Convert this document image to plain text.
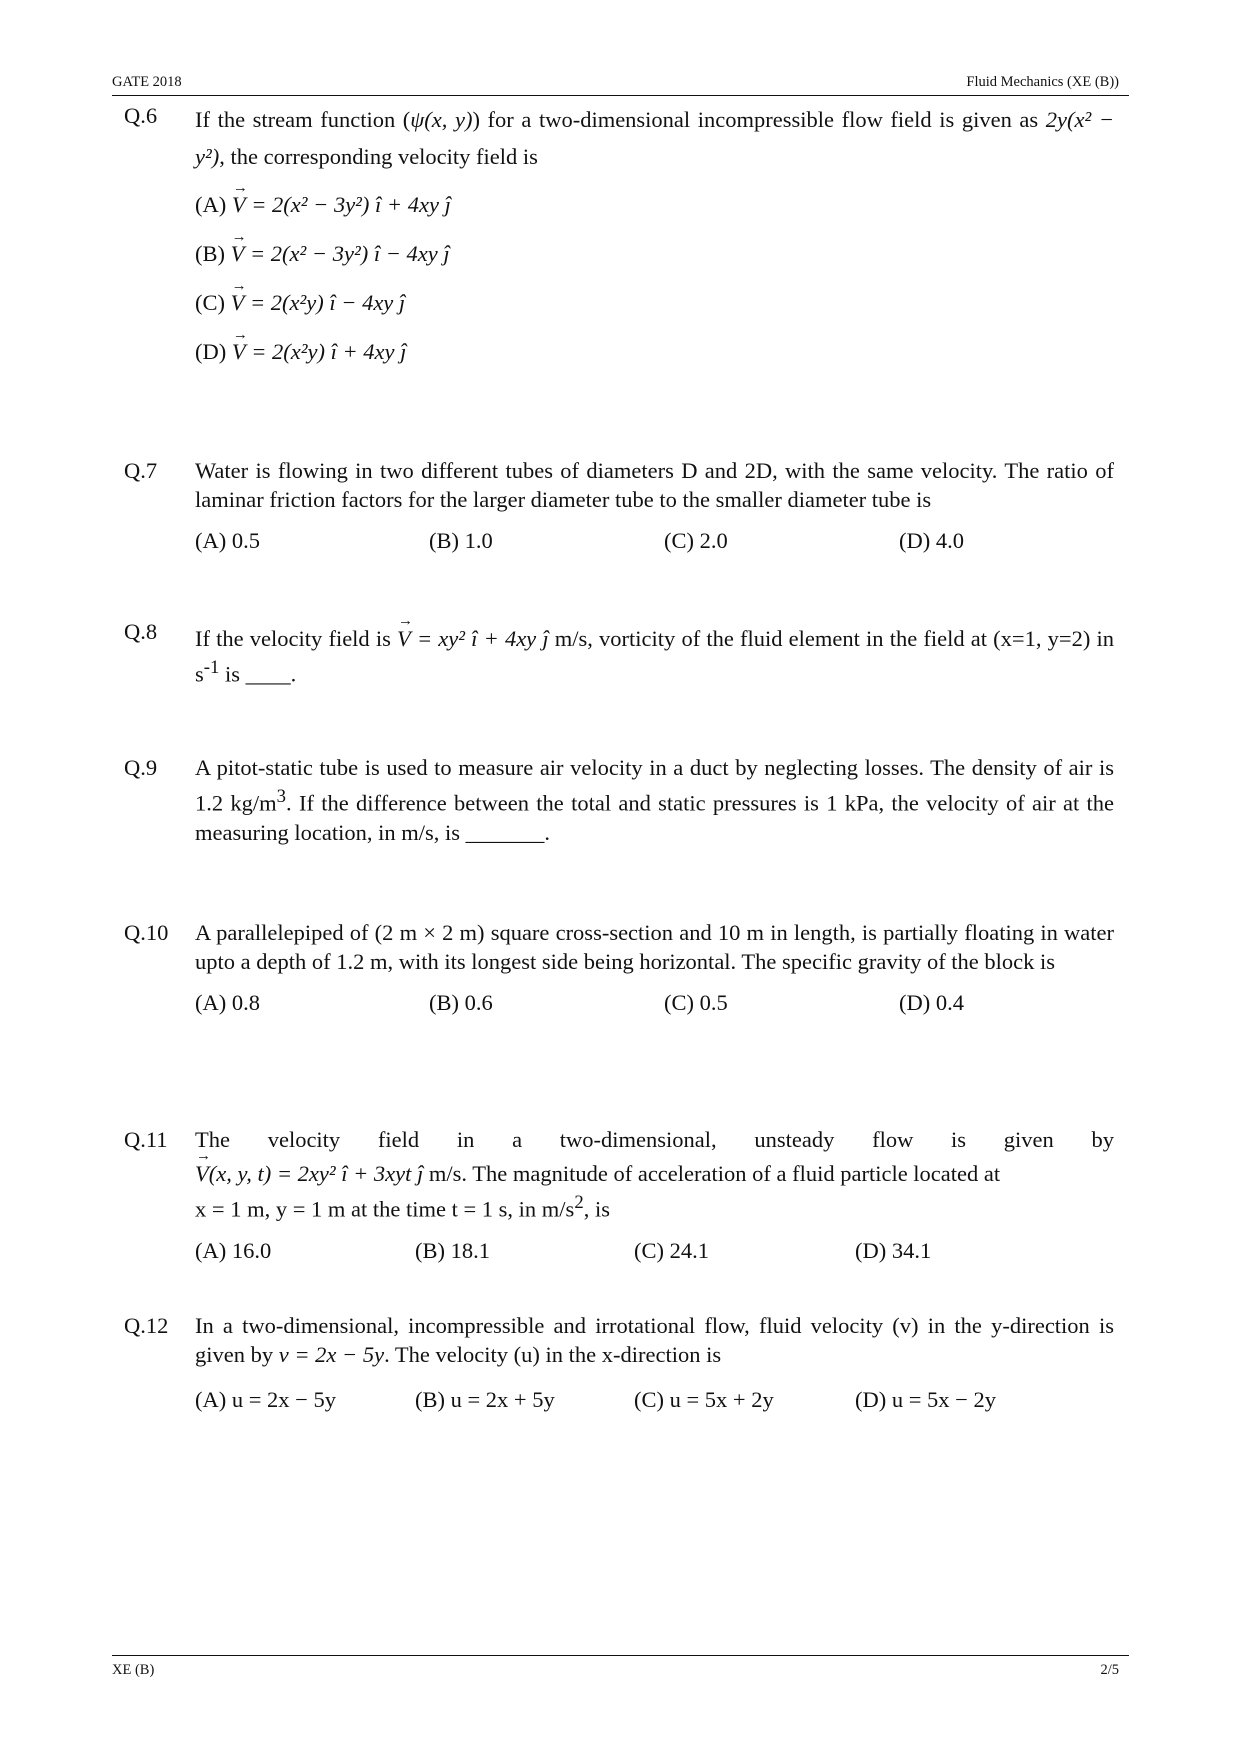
GATE 2018	Fluid Mechanics (XE (B))
Q.6	If the stream function (ψ(x, y)) for a two-dimensional incompressible flow field is given as 2y(x² − y²), the corresponding velocity field is

(A) → V = 2(x² − 3y²) î + 4xy ĵ
(B) → V = 2(x² − 3y²) î − 4xy ĵ
(C) → V = 2(x²y) î − 4xy ĵ
(D) → V = 2(x²y) î + 4xy ĵ
Q.7	Water is flowing in two different tubes of diameters D and 2D, with the same velocity. The ratio of laminar friction factors for the larger diameter tube to the smaller diameter tube is

(A) 0.5	(B) 1.0	(C) 2.0	(D) 4.0
Q.8	If the velocity field is → V = xy² î + 4xy ĵ m/s, vorticity of the fluid element in the field at (x=1, y=2) in $s^{-1}$ is ____.

Q.9	A pitot-static tube is used to measure air velocity in a duct by neglecting losses. The density of air is 1.2 $kg/m^3$. If the difference between the total and static pressures is 1 kPa, the velocity of air at the measuring location, in m/s, is _______.

Q.10	A parallelepiped of (2 m × 2 m) square cross-section and 10 m in length, is partially floating in water upto a depth of 1.2 m, with its longest side being horizontal. The specific gravity of the block is

(A) 0.8	(B) 0.6	(C) 0.5	(D) 0.4
Q.11	The velocity field in a two-dimensional, unsteady flow is given by

→ V(x, y, t) = 2xy² î + 3xyt ĵ m/s. The magnitude of acceleration of a fluid particle located at

x = 1 m, y = 1 m at the time t = 1 s, in $m/s^2$, is

(A) 16.0	(B) 18.1	(C) 24.1	(D) 34.1
Q.12	In a two-dimensional, incompressible and irrotational flow, fluid velocity (v) in the y-direction is given by v = 2x − 5y. The velocity (u) in the x-direction is

(A) u = 2x − 5y	(B) u = 2x + 5y	(C) u = 5x + 2y	(D) u = 5x − 2y
XE (B)	2/5
